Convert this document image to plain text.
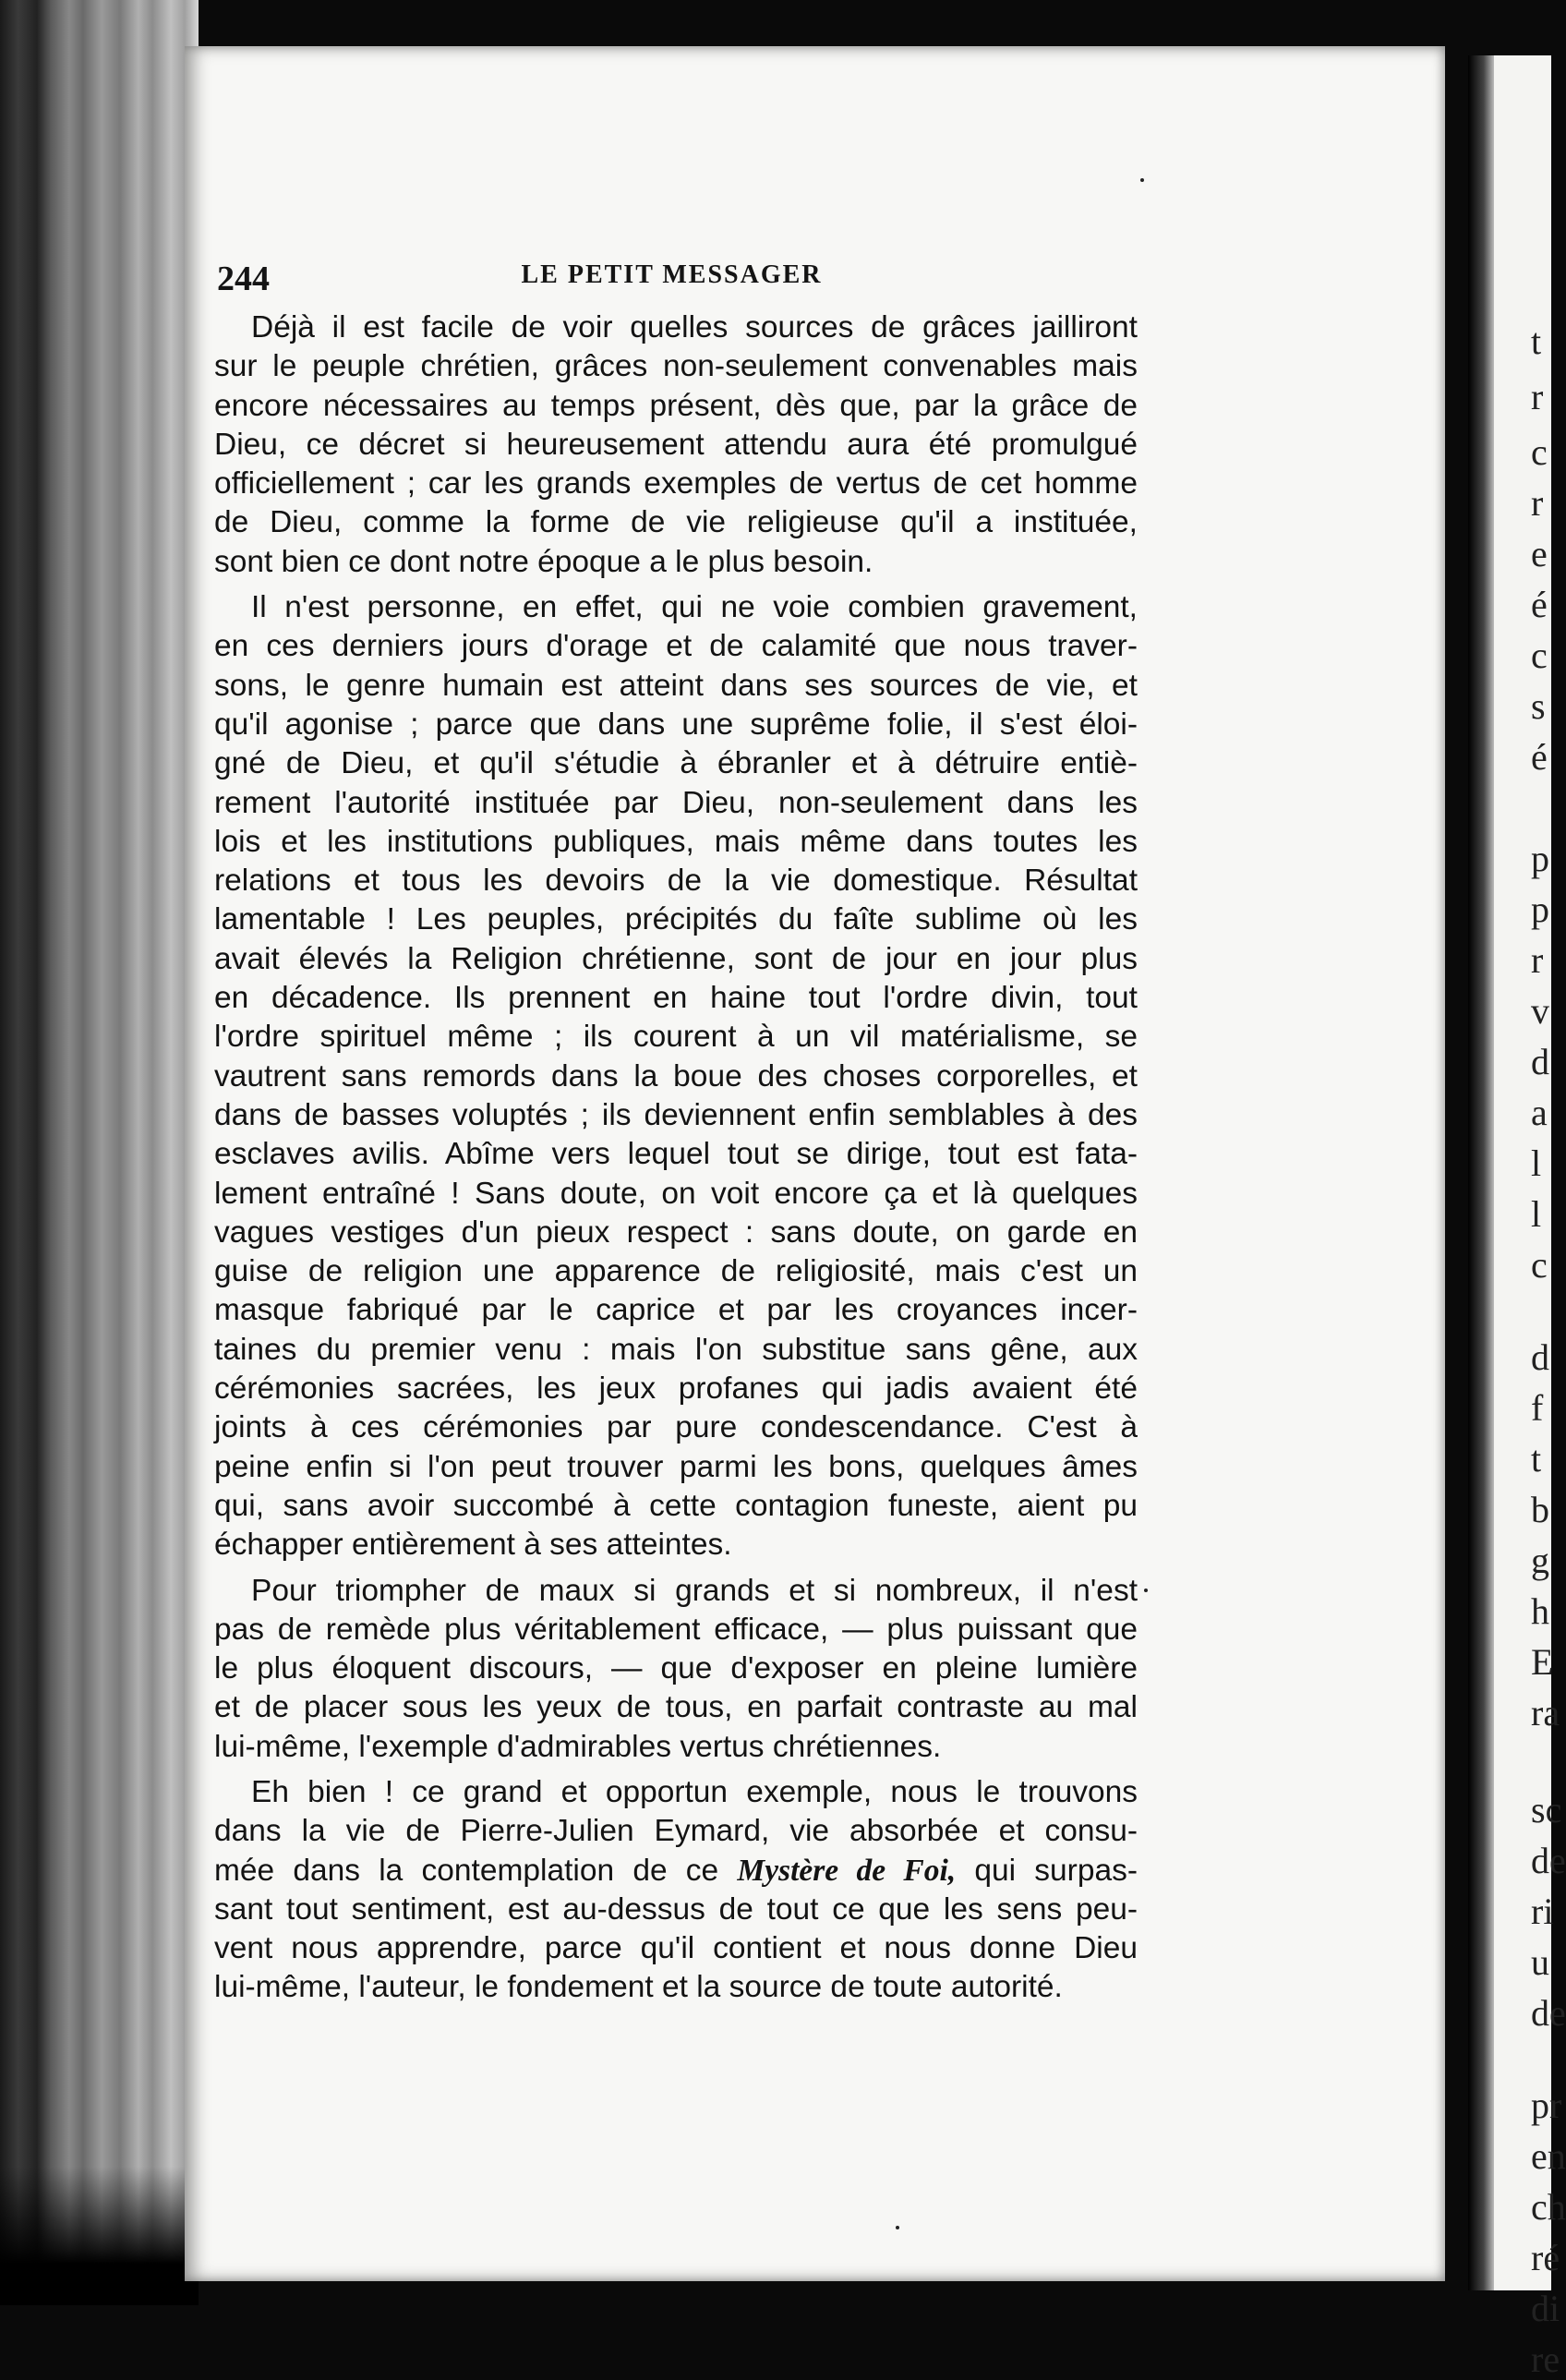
t
r
c
r
e
é
c
s
é
p
p
r
v
d
a
l
l
c
d
f
t
b
g
h
E
ra
sc
de
ri
u
de
pr
en
ch
ré
di
re
244	LE PETIT MESSAGER
Déjà il est facile de voir quelles sources de grâces jailliront
sur le peuple chrétien, grâces non-seulement convenables mais
encore nécessaires au temps présent, dès que, par la grâce de
Dieu, ce décret si heureusement attendu aura été promulgué
officiellement ; car les grands exemples de vertus de cet homme
de Dieu, comme la forme de vie religieuse qu'il a instituée,
sont bien ce dont notre époque a le plus besoin.
Il n'est personne, en effet, qui ne voie combien gravement,
en ces derniers jours d'orage et de calamité que nous traver-
sons, le genre humain est atteint dans ses sources de vie, et
qu'il agonise ; parce que dans une suprême folie, il s'est éloi-
gné de Dieu, et qu'il s'étudie à ébranler et à détruire entiè-
rement l'autorité instituée par Dieu, non-seulement dans les
lois et les institutions publiques, mais même dans toutes les
relations et tous les devoirs de la vie domestique. Résultat
lamentable ! Les peuples, précipités du faîte sublime où les
avait élevés la Religion chrétienne, sont de jour en jour plus
en décadence. Ils prennent en haine tout l'ordre divin, tout
l'ordre spirituel même ; ils courent à un vil matérialisme, se
vautrent sans remords dans la boue des choses corporelles, et
dans de basses voluptés ; ils deviennent enfin semblables à des
esclaves avilis. Abîme vers lequel tout se dirige, tout est fata-
lement entraîné ! Sans doute, on voit encore ça et là quelques
vagues vestiges d'un pieux respect : sans doute, on garde en
guise de religion une apparence de religiosité, mais c'est un
masque fabriqué par le caprice et par les croyances incer-
taines du premier venu : mais l'on substitue sans gêne, aux
cérémonies sacrées, les jeux profanes qui jadis avaient été
joints à ces cérémonies par pure condescendance. C'est à
peine enfin si l'on peut trouver parmi les bons, quelques âmes
qui, sans avoir succombé à cette contagion funeste, aient pu
échapper entièrement à ses atteintes.
Pour triompher de maux si grands et si nombreux, il n'est
pas de remède plus véritablement efficace, — plus puissant que
le plus éloquent discours, — que d'exposer en pleine lumière
et de placer sous les yeux de tous, en parfait contraste au mal
lui-même, l'exemple d'admirables vertus chrétiennes.
Eh bien ! ce grand et opportun exemple, nous le trouvons
dans la vie de Pierre-Julien Eymard, vie absorbée et consu-
mée dans la contemplation de ce Mystère de Foi, qui surpas-
sant tout sentiment, est au-dessus de tout ce que les sens peu-
vent nous apprendre, parce qu'il contient et nous donne Dieu
lui-même, l'auteur, le fondement et la source de toute autorité.
